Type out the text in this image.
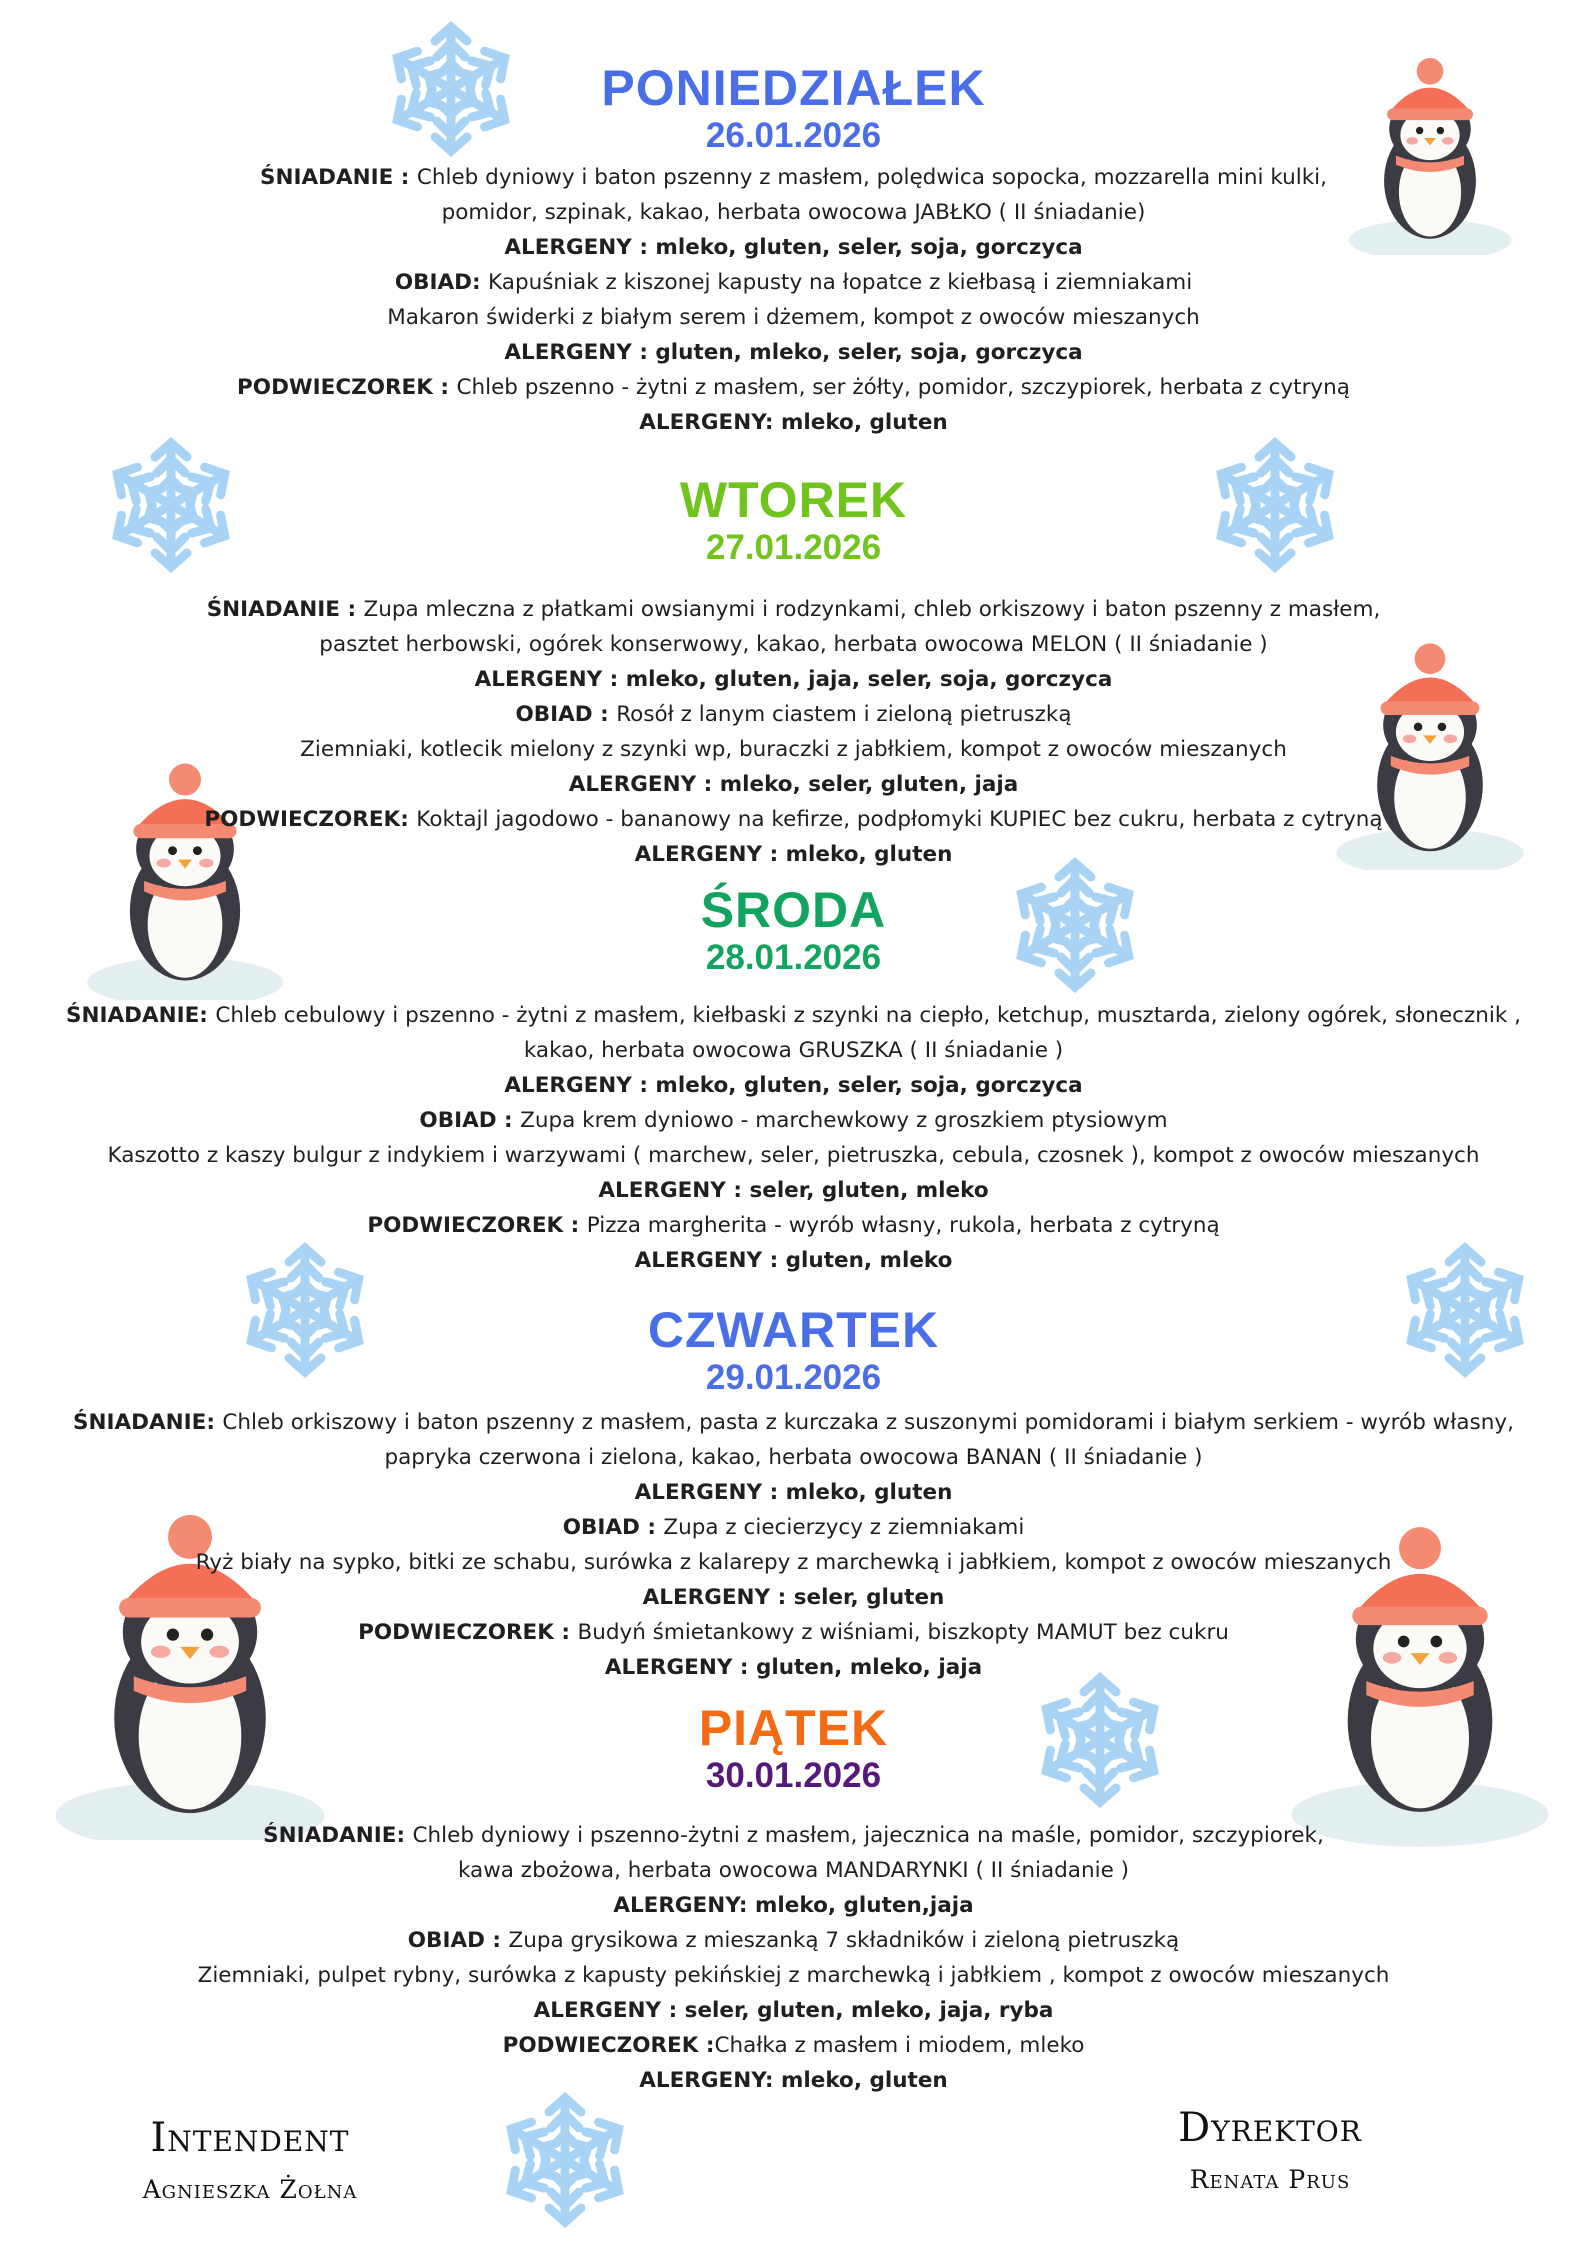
PONIEDZIAŁEK
26.01.2026
ŚNIADANIE : Chleb dyniowy i baton pszenny z masłem, polędwica sopocka, mozzarella mini kulki,
pomidor, szpinak, kakao, herbata owocowa JABŁKO ( II śniadanie)
ALERGENY : mleko, gluten, seler, soja, gorczyca
OBIAD: Kapuśniak z kiszonej kapusty na łopatce z kiełbasą i ziemniakami
Makaron świderki z białym serem i dżemem, kompot z owoców mieszanych
ALERGENY : gluten, mleko, seler, soja, gorczyca
PODWIECZOREK : Chleb pszenno - żytni z masłem, ser żółty, pomidor, szczypiorek, herbata z cytryną
ALERGENY: mleko, gluten
WTOREK
27.01.2026
ŚNIADANIE : Zupa mleczna z płatkami owsianymi i rodzynkami, chleb orkiszowy i baton pszenny z masłem,
pasztet herbowski, ogórek konserwowy, kakao, herbata owocowa MELON ( II śniadanie )
ALERGENY : mleko, gluten, jaja, seler, soja, gorczyca
OBIAD : Rosół z lanym ciastem i zieloną pietruszką
Ziemniaki, kotlecik mielony z szynki wp, buraczki z jabłkiem, kompot z owoców mieszanych
ALERGENY : mleko, seler, gluten, jaja
PODWIECZOREK: Koktajl jagodowo - bananowy na kefirze, podpłomyki KUPIEC bez cukru, herbata z cytryną
ALERGENY : mleko, gluten
ŚRODA
28.01.2026
ŚNIADANIE: Chleb cebulowy i pszenno - żytni z masłem, kiełbaski z szynki na ciepło, ketchup, musztarda, zielony ogórek, słonecznik ,
kakao, herbata owocowa GRUSZKA ( II śniadanie )
ALERGENY : mleko, gluten, seler, soja, gorczyca
OBIAD : Zupa krem dyniowo - marchewkowy z groszkiem ptysiowym
Kaszotto z kaszy bulgur z indykiem i warzywami ( marchew, seler, pietruszka, cebula, czosnek ), kompot z owoców mieszanych
ALERGENY : seler, gluten, mleko
PODWIECZOREK : Pizza margherita - wyrób własny, rukola, herbata z cytryną
ALERGENY : gluten, mleko
CZWARTEK
29.01.2026
ŚNIADANIE: Chleb orkiszowy i baton pszenny z masłem, pasta z kurczaka z suszonymi pomidorami i białym serkiem - wyrób własny,
papryka czerwona i zielona, kakao, herbata owocowa BANAN ( II śniadanie )
ALERGENY : mleko, gluten
OBIAD : Zupa z ciecierzycy z ziemniakami
Ryż biały na sypko, bitki ze schabu, surówka z kalarepy z marchewką i jabłkiem, kompot z owoców mieszanych
ALERGENY : seler, gluten
PODWIECZOREK : Budyń śmietankowy z wiśniami, biszkopty MAMUT bez cukru
ALERGENY : gluten, mleko, jaja
PIĄTEK
30.01.2026
ŚNIADANIE: Chleb dyniowy i pszenno-żytni z masłem, jajecznica na maśle, pomidor, szczypiorek,
kawa zbożowa, herbata owocowa MANDARYNKI ( II śniadanie )
ALERGENY: mleko, gluten,jaja
OBIAD : Zupa grysikowa z mieszanką 7 składników i zieloną pietruszką
Ziemniaki, pulpet rybny, surówka z kapusty pekińskiej z marchewką i jabłkiem , kompot z owoców mieszanych
ALERGENY : seler, gluten, mleko, jaja, ryba
PODWIECZOREK :Chałka z masłem i miodem, mleko
ALERGENY: mleko, gluten
Intendent
Agnieszka Żołna
Dyrektor
Renata Prus
